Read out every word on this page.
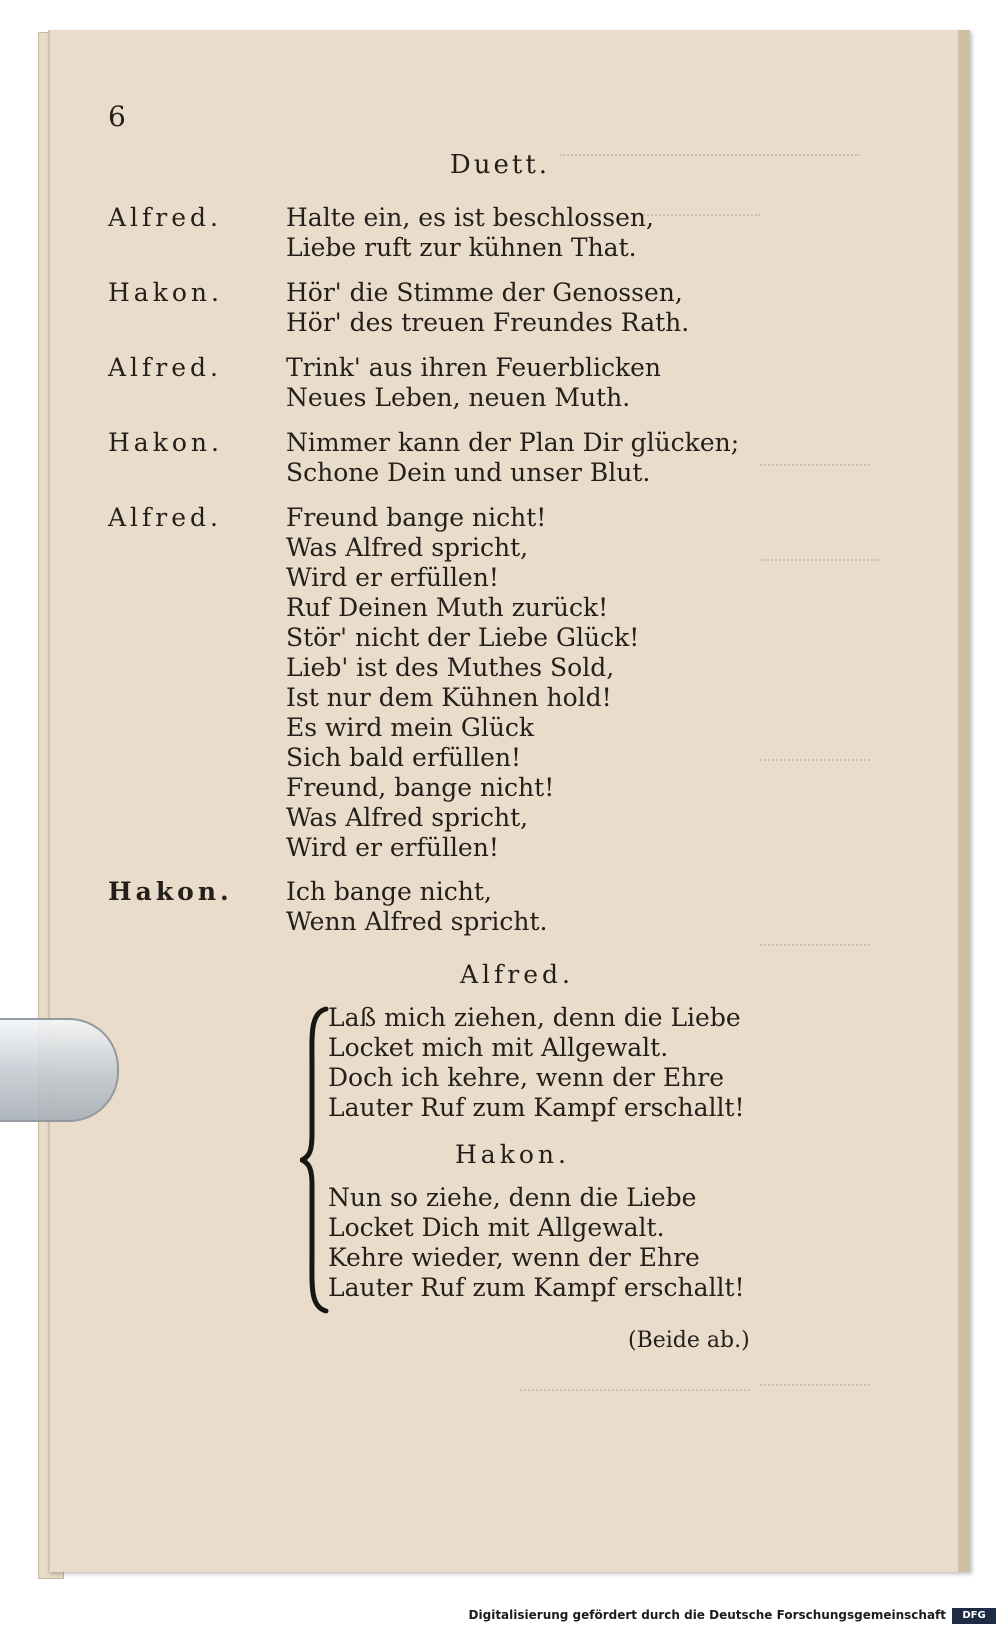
6
Duett.
Alfred.	Halte ein, es ist beschlossen,
Liebe ruft zur kühnen That.
Hakon.	Hör' die Stimme der Genossen,
Hör' des treuen Freundes Rath.
Alfred.	Trink' aus ihren Feuerblicken
Neues Leben, neuen Muth.
Hakon.	Nimmer kann der Plan Dir glücken;
Schone Dein und unser Blut.
Alfred.	Freund bange nicht!
Was Alfred spricht,
Wird er erfüllen!
Ruf Deinen Muth zurück!
Stör' nicht der Liebe Glück!
Lieb' ist des Muthes Sold,
Ist nur dem Kühnen hold!
Es wird mein Glück
Sich bald erfüllen!
Freund, bange nicht!
Was Alfred spricht,
Wird er erfüllen!
Hakon.	Ich bange nicht,
Wenn Alfred spricht.
Alfred.
Laß mich ziehen, denn die Liebe
Locket mich mit Allgewalt.
Doch ich kehre, wenn der Ehre
Lauter Ruf zum Kampf erschallt!
Hakon.
Nun so ziehe, denn die Liebe
Locket Dich mit Allgewalt.
Kehre wieder, wenn der Ehre
Lauter Ruf zum Kampf erschallt!
(Beide ab.)
Digitalisierung gefördert durch die Deutsche Forschungsgemeinschaft	DFG
